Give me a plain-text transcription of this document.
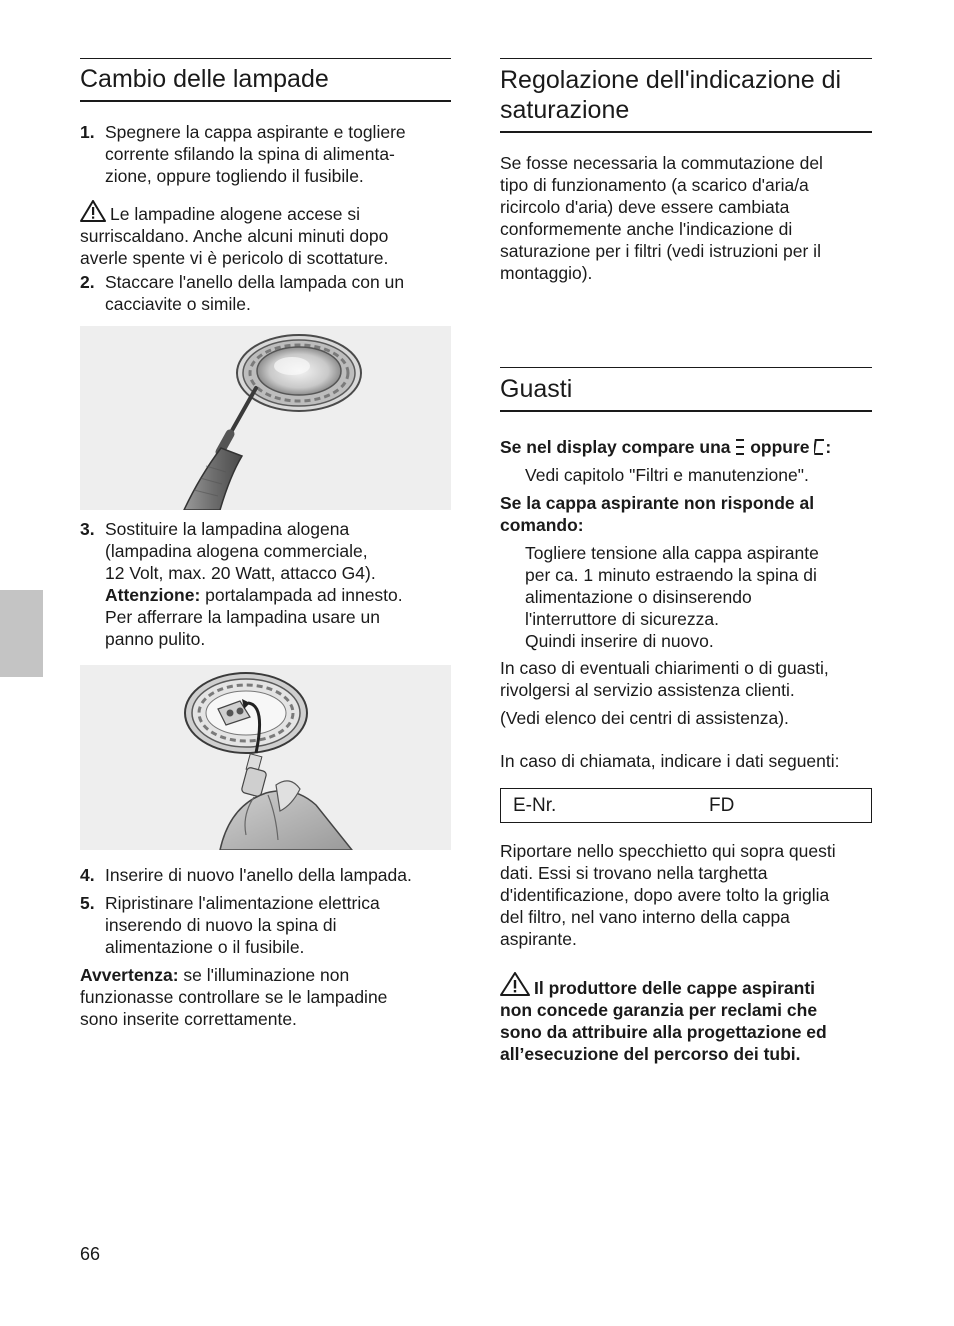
Cambio delle lampade
1. Spegnere la cappa aspirante e togliere
corrente sfilando la spina di alimenta-
zione, oppure togliendo il fusibile.
Le lampadine alogene accese si
surriscaldano. Anche alcuni minuti dopo
averle spente vi è pericolo di scottature.
2. Staccare l'anello della lampada con un
cacciavite o simile.
3. Sostituire la lampadina alogena
(lampadina alogena commerciale,
12 Volt, max. 20 Watt, attacco G4).
Attenzione: portalampada ad innesto.
Per afferrare la lampadina usare un
panno pulito.
4. Inserire di nuovo l'anello della lampada.
5. Ripristinare l'alimentazione elettrica
inserendo di nuovo la spina di
alimentazione o il fusibile.
Avvertenza: se l'illuminazione non
funzionasse controllare se le lampadine
sono inserite correttamente.
Regolazione dell'indicazione di
saturazione
Se fosse necessaria la commutazione del
tipo di funzionamento (a scarico d'aria/a
ricircolo d'aria) deve essere cambiata
conformemente anche l'indicazione di
saturazione per i filtri (vedi istruzioni per il
montaggio).
Guasti
Se nel display compare una  oppure :
Vedi capitolo "Filtri e manutenzione".
Se la cappa aspirante non risponde al
comando:
Togliere tensione alla cappa aspirante
per ca. 1 minuto estraendo la spina di
alimentazione o disinserendo
l'interruttore di sicurezza.
Quindi inserire di nuovo.
In caso di eventuali chiarimenti o di guasti,
rivolgersi al servizio assistenza clienti.
(Vedi elenco dei centri di assistenza).
In caso di chiamata, indicare i dati seguenti:
E-Nr.	FD
Riportare nello specchietto qui sopra questi
dati. Essi si trovano nella targhetta
d'identificazione, dopo avere tolto la griglia
del filtro, nel vano interno della cappa
aspirante.
Il produttore delle cappe aspiranti
non concede garanzia per reclami che
sono da attribuire alla progettazione ed
all’esecuzione del percorso dei tubi.
66
